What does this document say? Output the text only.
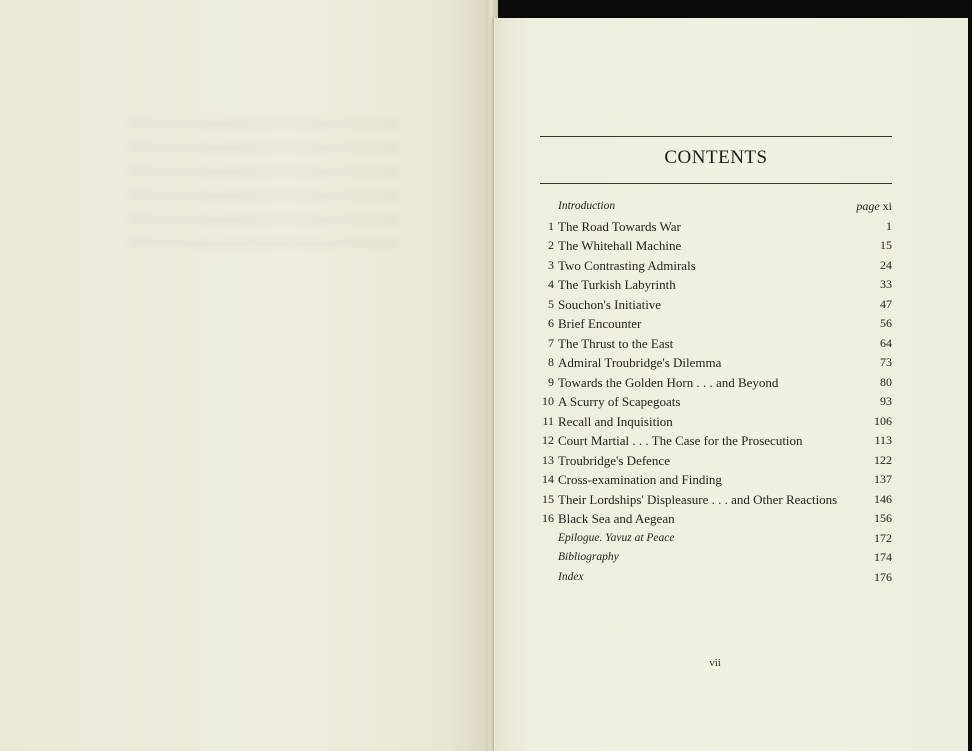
CONTENTS
Introduction	page xi
1 The Road Towards War	1
2 The Whitehall Machine	15
3 Two Contrasting Admirals	24
4 The Turkish Labyrinth	33
5 Souchon's Initiative	47
6 Brief Encounter	56
7 The Thrust to the East	64
8 Admiral Troubridge's Dilemma	73
9 Towards the Golden Horn . . . and Beyond	80
10 A Scurry of Scapegoats	93
11 Recall and Inquisition	106
12 Court Martial . . . The Case for the Prosecution	113
13 Troubridge's Defence	122
14 Cross-examination and Finding	137
15 Their Lordships' Displeasure . . . and Other Reactions	146
16 Black Sea and Aegean	156
Epilogue. Yavuz at Peace	172
Bibliography	174
Index	176
vii
